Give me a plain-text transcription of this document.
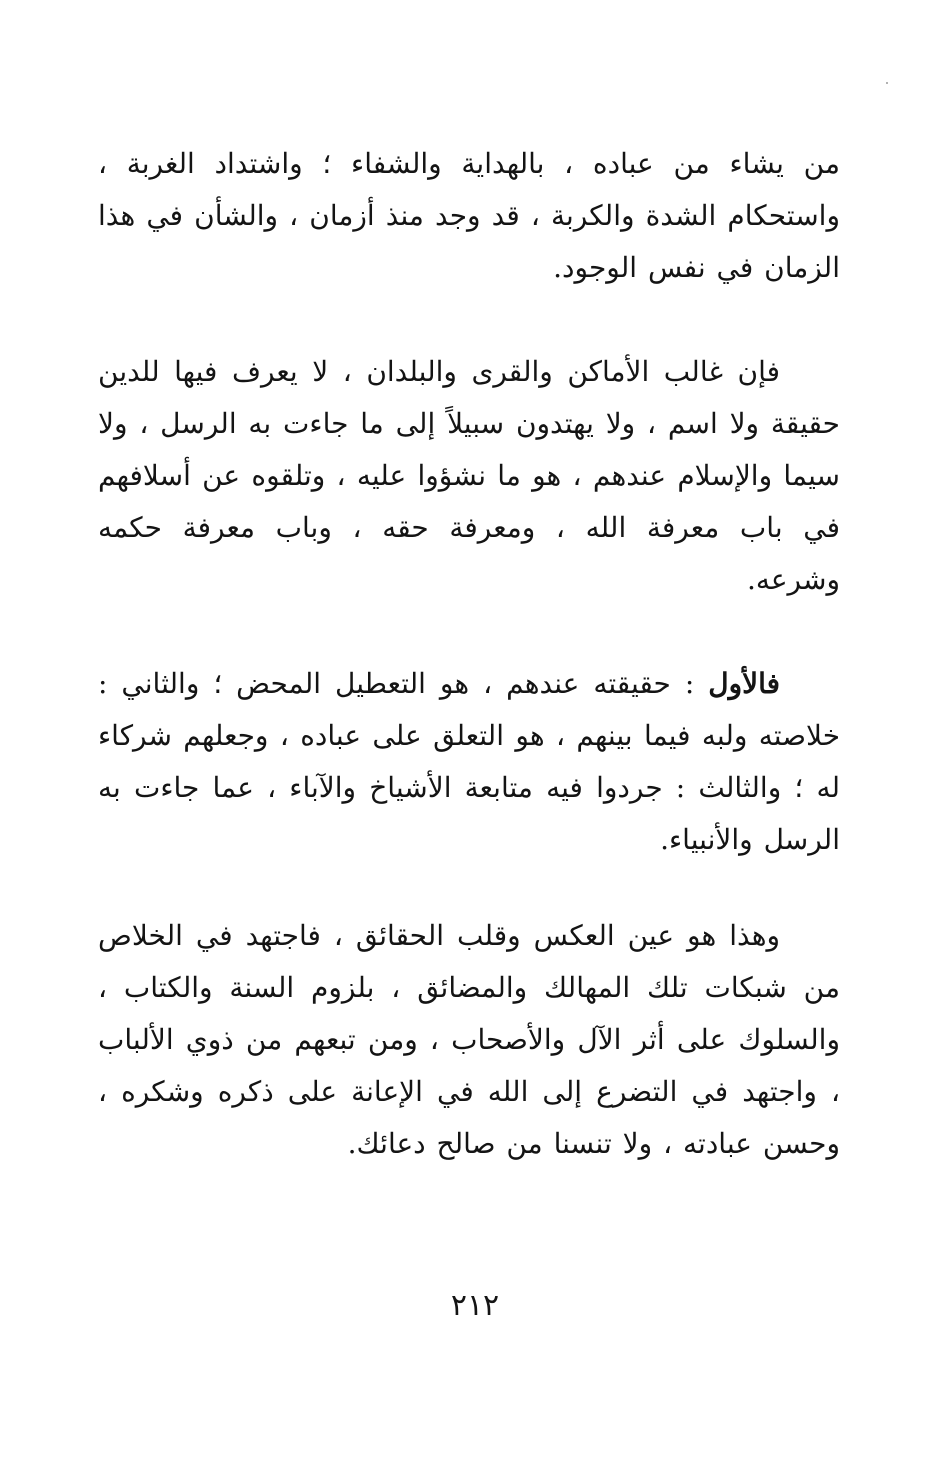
من يشاء من عباده ، بالهداية والشفاء ؛ واشتداد الغربة ، واستحكام الشدة والكربة ، قد وجد منذ أزمان ، والشأن في هذا الزمان في نفس الوجود.

فإن غالب الأماكن والقرى والبلدان ، لا يعرف فيها للدين حقيقة ولا اسم ، ولا يهتدون سبيلاً إلى ما جاءت به الرسل ، ولا سيما والإسلام عندهم ، هو ما نشؤوا عليه ، وتلقوه عن أسلافهم في باب معرفة الله ، ومعرفة حقه ، وباب معرفة حكمه وشرعه.

فالأول : حقيقته عندهم ، هو التعطيل المحض ؛ والثاني : خلاصته ولبه فيما بينهم ، هو التعلق على عباده ، وجعلهم شركاء له ؛ والثالث : جردوا فيه متابعة الأشياخ والآباء ، عما جاءت به الرسل والأنبياء.

وهذا هو عين العكس وقلب الحقائق ، فاجتهد في الخلاص من شبكات تلك المهالك والمضائق ، بلزوم السنة والكتاب ، والسلوك على أثر الآل والأصحاب ، ومن تبعهم من ذوي الألباب ، واجتهد في التضرع إلى الله في الإعانة على ذكره وشكره ، وحسن عبادته ، ولا تنسنا من صالح دعائك.

٢١٢
